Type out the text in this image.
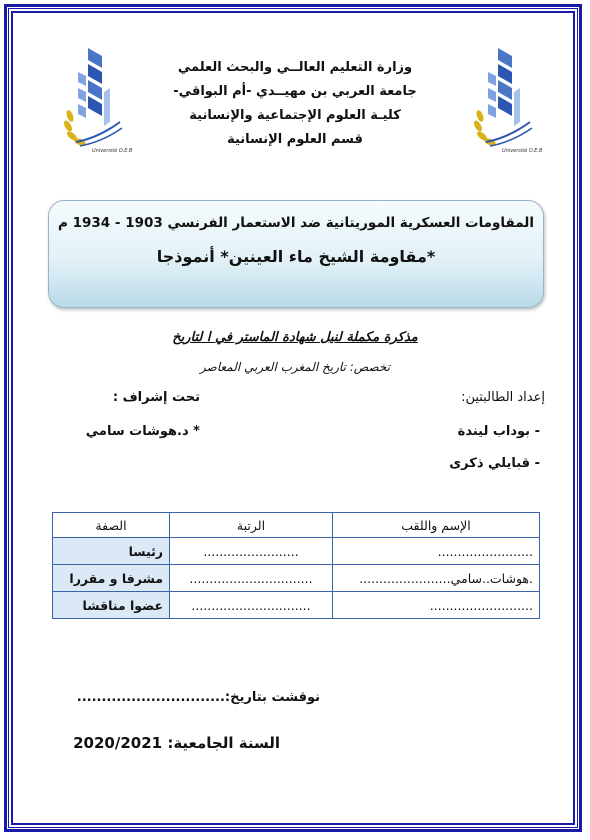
Université O.E.B	Université O.E.B
وزارة التعليم العالــي والبحث العلمي
جامعة العربي بن مهيــدي -أم البواقي-
كليـة العلوم الإجتماعية والإنسانية
قسم العلوم الإنسانية
المقاومات العسكرية الموريتانية ضد الاستعمار الفرنسي 1903 - 1934 م
*مقاومة الشيخ ماء العينين* أنموذجا
مذكرة مكملة لنيل شهادة الماستر في ا لتاريخ
تخصص: تاريخ المغرب العربي المعاصر
إعداد الطالبتين:
- بوداب ليندة
- قبايلي ذكرى
تحت إشراف :
* د.هوشات سامي
الإسم واللقب	الرتبة	الصفة
........................	........................	رئيسا
.هوشات..سامي.......................	...............................	مشرفا و مقررا
..........................	..............................	عضوا مناقشا
نوقشت بتاريخ:..............................
السنة الجامعية: 2020/2021
